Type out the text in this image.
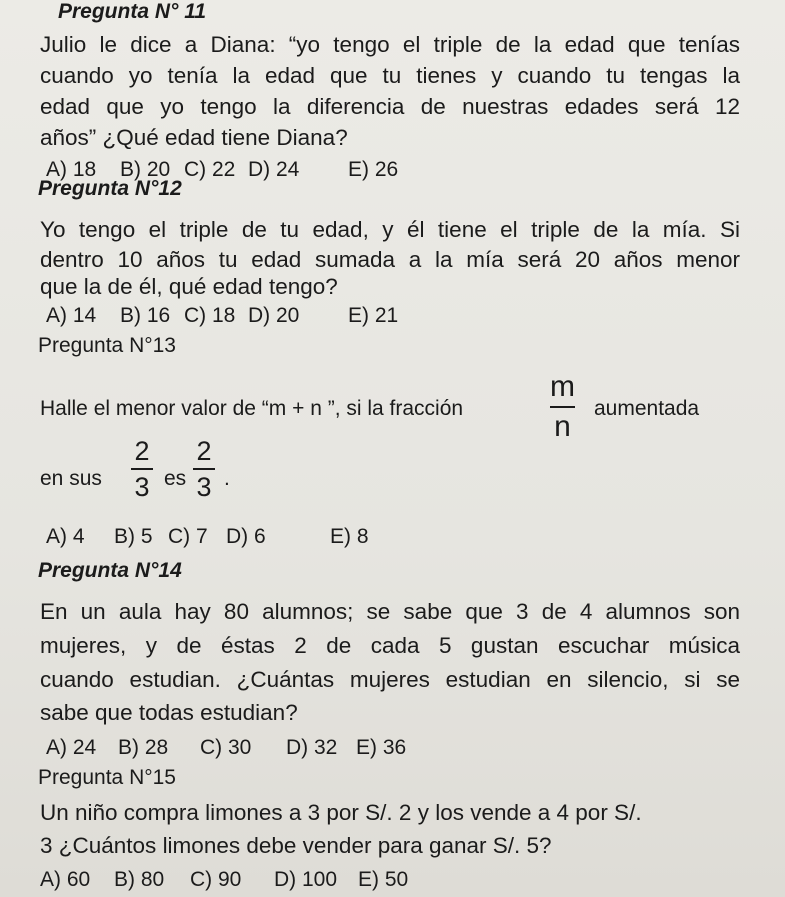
Pregunta N° 11
Julio le dice a Diana: “yo tengo el triple de la edad que tenías
cuando yo tenía la edad que tu tienes y cuando tu tengas la
edad que yo tengo la diferencia de nuestras edades será 12
años” ¿Qué edad tiene Diana?
A) 18 B) 20 C) 22 D) 24 E) 26
Pregunta N°12
Yo tengo el triple de tu edad, y él tiene el triple de la mía. Si
dentro 10 años tu edad sumada a la mía será 20 años menor
que la de él, qué edad tengo?
A) 14 B) 16 C) 18 D) 20 E) 21
Pregunta N°13
Halle el menor valor de “m + n ”, si la fracción
m
n
aumentada
en sus
2
3 es
2
3 .
A) 4 B) 5 C) 7 D) 6	E) 8
Pregunta N°14
En un aula hay 80 alumnos; se sabe que 3 de 4 alumnos son
mujeres, y de éstas 2 de cada 5 gustan escuchar música
cuando estudian. ¿Cuántas mujeres estudian en silencio, si se
sabe que todas estudian?
A) 24 B) 28 C) 30 D) 32 E) 36
Pregunta N°15
Un niño compra limones a 3 por S/. 2 y los vende a 4 por S/.
3 ¿Cuántos limones debe vender para ganar S/. 5?
A) 60 B) 80 C) 90 D) 100 E) 50
